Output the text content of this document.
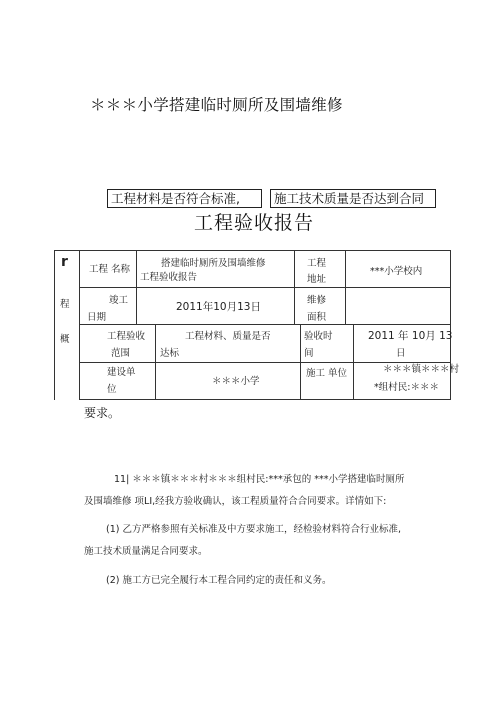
＊＊＊小学搭建临时厕所及围墙维修
工程材料是否符合标准,	施工技术质量是否达到合同
工程验收报告
r
程
概
工程 名称
搭建临时厕所及围墙维修
工程验收报告
工程
地址
***小学校内
竣工
日期
2011年10月13日
维修
面积
工程验收
范围
工程材料、质量是否
达标
验收时
间
2011 年 10月 13
日
建设单
位
＊＊＊小学
施工 单位	＊＊＊镇＊＊＊村
*组村民:＊＊＊
要求。
11| ＊＊＊镇＊＊＊村＊＊＊组村民:***承包的 ***小学搭建临时厕所
及围墙维修 项LI,经我方验收确认，该工程质量符合合同要求。详情如下:
(1) 乙方严格参照有关标准及中方要求施工，经检验材料符合行业标准,
施工技术质量满足合同要求。
(2) 施工方已完全履行本工程合同约定的责任和义务。
